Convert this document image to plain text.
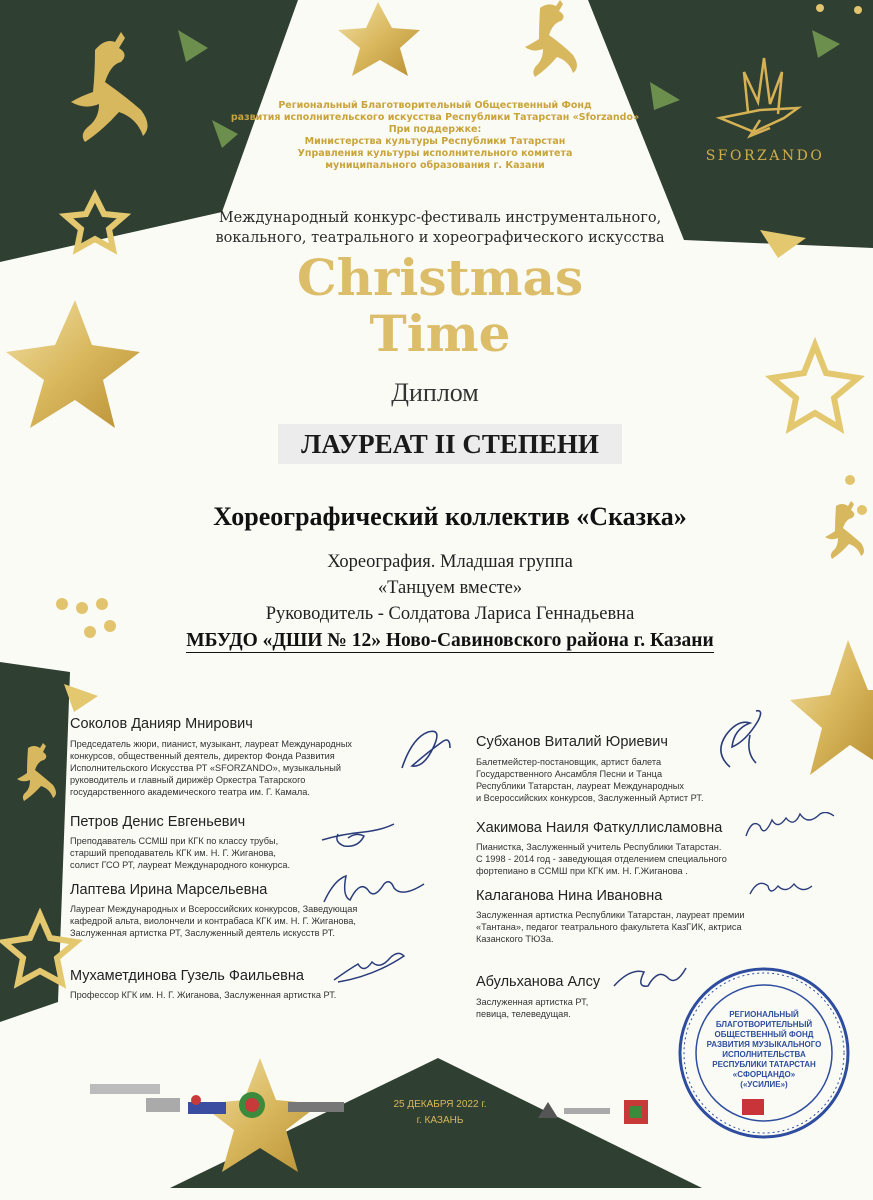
Региональный Благотворительный Общественный Фонд
развития исполнительского искусства Республики Татарстан «Sforzando»
При поддержке:
Министерства культуры Республики Татарстан
Управления культуры исполнительного комитета
муниципального образования г. Казани
SFORZANDO
Международный конкурс-фестиваль инструментального,
вокального, театрального и хореографического искусства
Christmas
Time
Диплом
ЛАУРЕАТ II СТЕПЕНИ
Хореографический коллектив «Сказка»
Хореография. Младшая группа
«Танцуем вместе»
Руководитель - Солдатова Лариса Геннадьевна
МБУДО «ДШИ № 12» Ново-Савиновского района г. Казани
Соколов Данияр Мнирович
Председатель жюри, пианист, музыкант, лауреат Международных
конкурсов, общественный деятель, директор Фонда Развития
Исполнительского Искусства РТ «SFORZANDO», музыкальный
руководитель и главный дирижёр Оркестра Татарского
государственного академического театра им. Г. Камала.
Петров Денис Евгеньевич
Преподаватель ССМШ при КГК по классу трубы,
старший преподаватель КГК им. Н. Г. Жиганова,
солист ГСО РТ, лауреат Международного конкурса.
Лаптева Ирина Марсельевна
Лауреат Международных и Всероссийских конкурсов, Заведующая
кафедрой альта, виолончели и контрабаса КГК им. Н. Г. Жиганова,
Заслуженная артистка РТ, Заслуженный деятель искусств РТ.
Мухаметдинова Гузель Фаильевна
Профессор КГК им. Н. Г. Жиганова, Заслуженная артистка РТ.
Субханов Виталий Юриевич
Балетмейстер-постановщик, артист балета
Государственного Ансамбля Песни и Танца
Республики Татарстан, лауреат Международных
и Всероссийских конкурсов, Заслуженный Артист РТ.
Хакимова Наиля Фаткуллисламовна
Пианистка, Заслуженный учитель Республики Татарстан.
С 1998 - 2014 год - заведующая отделением специального
фортепиано в ССМШ при КГК им. Н. Г.Жиганова .
Калаганова Нина Ивановна
Заслуженная артистка Республики Татарстан, лауреат премии
«Тантана», педагог театрального факультета КазГИК, актриса
Казанского ТЮЗа.
Абульханова Алсу
Заслуженная артистка РТ,
певица, телеведущая.
25 ДЕКАБРЯ 2022 г.
г. КАЗАНЬ
РЕГИОНАЛЬНЫЙ
БЛАГОТВОРИТЕЛЬНЫЙ
ОБЩЕСТВЕННЫЙ ФОНД
РАЗВИТИЯ МУЗЫКАЛЬНОГО
ИСПОЛНИТЕЛЬСТВА
РЕСПУБЛИКИ ТАТАРСТАН
«СФОРЦАНДО»
(«УСИЛИЕ»)
